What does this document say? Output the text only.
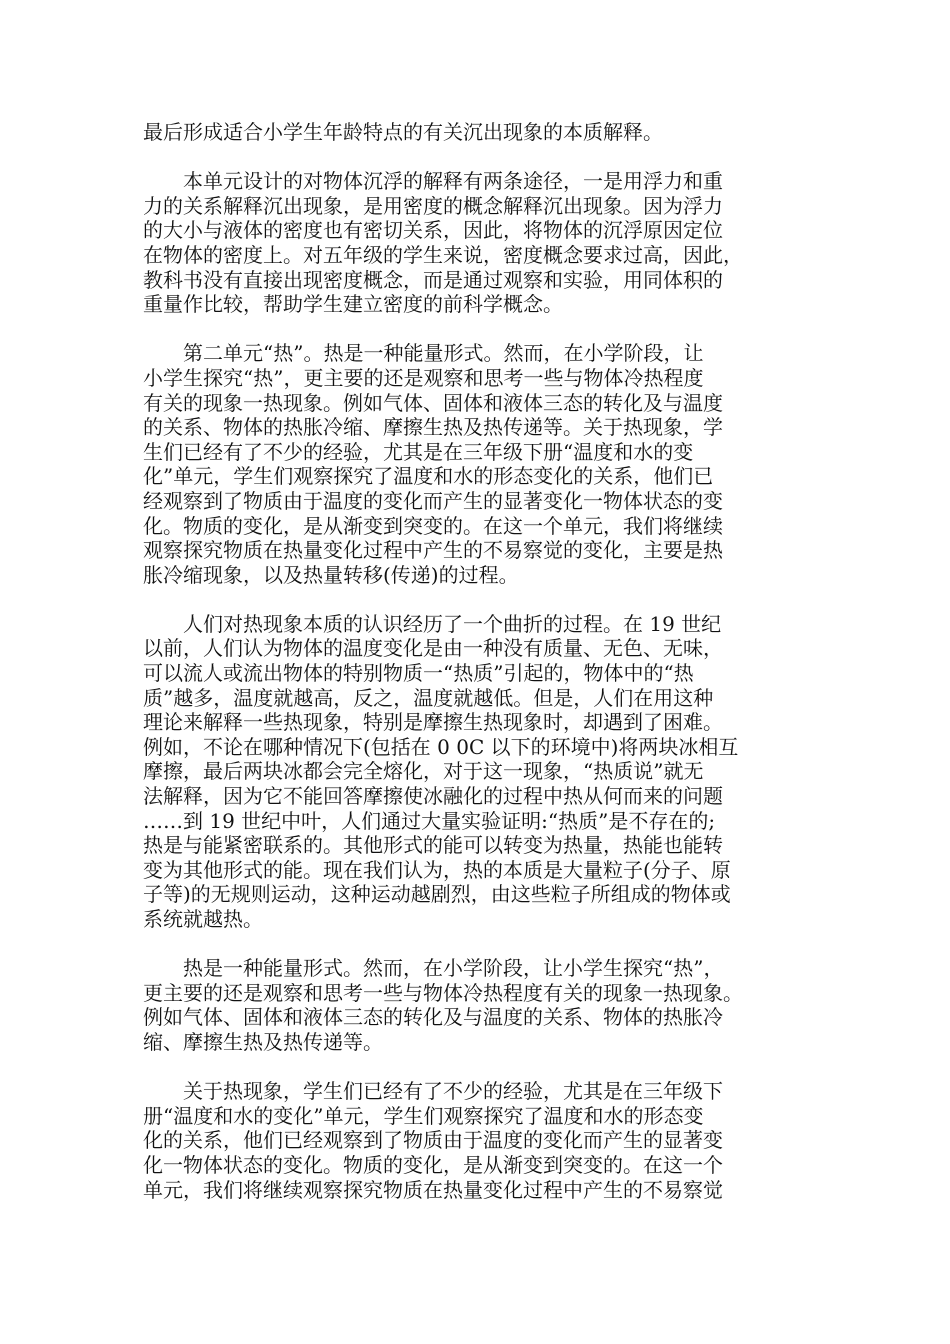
最后形成适合小学生年龄特点的有关沉出现象的本质解释。

　　本单元设计的对物体沉浮的解释有两条途径，一是用浮力和重
力的关系解释沉出现象，是用密度的概念解释沉出现象。因为浮力
的大小与液体的密度也有密切关系，因此，将物体的沉浮原因定位
在物体的密度上。对五年级的学生来说，密度概念要求过高，因此，
教科书没有直接出现密度概念，而是通过观察和实验，用同体积的
重量作比较，帮助学生建立密度的前科学概念。

　　第二单元“热”。热是一种能量形式。然而，在小学阶段，让
小学生探究“热”，更主要的还是观察和思考一些与物体冷热程度
有关的现象一热现象。例如气体、固体和液体三态的转化及与温度
的关系、物体的热胀冷缩、摩擦生热及热传递等。关于热现象，学
生们已经有了不少的经验，尤其是在三年级下册“温度和水的变
化”单元，学生们观察探究了温度和水的形态变化的关系，他们已
经观察到了物质由于温度的变化而产生的显著变化一物体状态的变
化。物质的变化，是从渐变到突变的。在这一个单元，我们将继续
观察探究物质在热量变化过程中产生的不易察觉的变化，主要是热
胀冷缩现象，以及热量转移(传递)的过程。

　　人们对热现象本质的认识经历了一个曲折的过程。在 19 世纪
以前，人们认为物体的温度变化是由一种没有质量、无色、无味，
可以流人或流出物体的特别物质一“热质”引起的，物体中的“热
质”越多，温度就越高，反之，温度就越低。但是，人们在用这种
理论来解释一些热现象，特别是摩擦生热现象时，却遇到了困难。
例如，不论在哪种情况下(包括在 0 0C 以下的环境中)将两块冰相互
摩擦，最后两块冰都会完全熔化，对于这一现象，“热质说”就无
法解释，因为它不能回答摩擦使冰融化的过程中热从何而来的问题
……到 19 世纪中叶，人们通过大量实验证明:“热质”是不存在的;
热是与能紧密联系的。其他形式的能可以转变为热量，热能也能转
变为其他形式的能。现在我们认为，热的本质是大量粒子(分子、原
子等)的无规则运动，这种运动越剧烈，由这些粒子所组成的物体或
系统就越热。

　　热是一种能量形式。然而，在小学阶段，让小学生探究“热”，
更主要的还是观察和思考一些与物体冷热程度有关的现象一热现象。
例如气体、固体和液体三态的转化及与温度的关系、物体的热胀冷
缩、摩擦生热及热传递等。

　　关于热现象，学生们已经有了不少的经验，尤其是在三年级下
册“温度和水的变化”单元，学生们观察探究了温度和水的形态变
化的关系，他们已经观察到了物质由于温度的变化而产生的显著变
化一物体状态的变化。物质的变化，是从渐变到突变的。在这一个
单元，我们将继续观察探究物质在热量变化过程中产生的不易察觉
